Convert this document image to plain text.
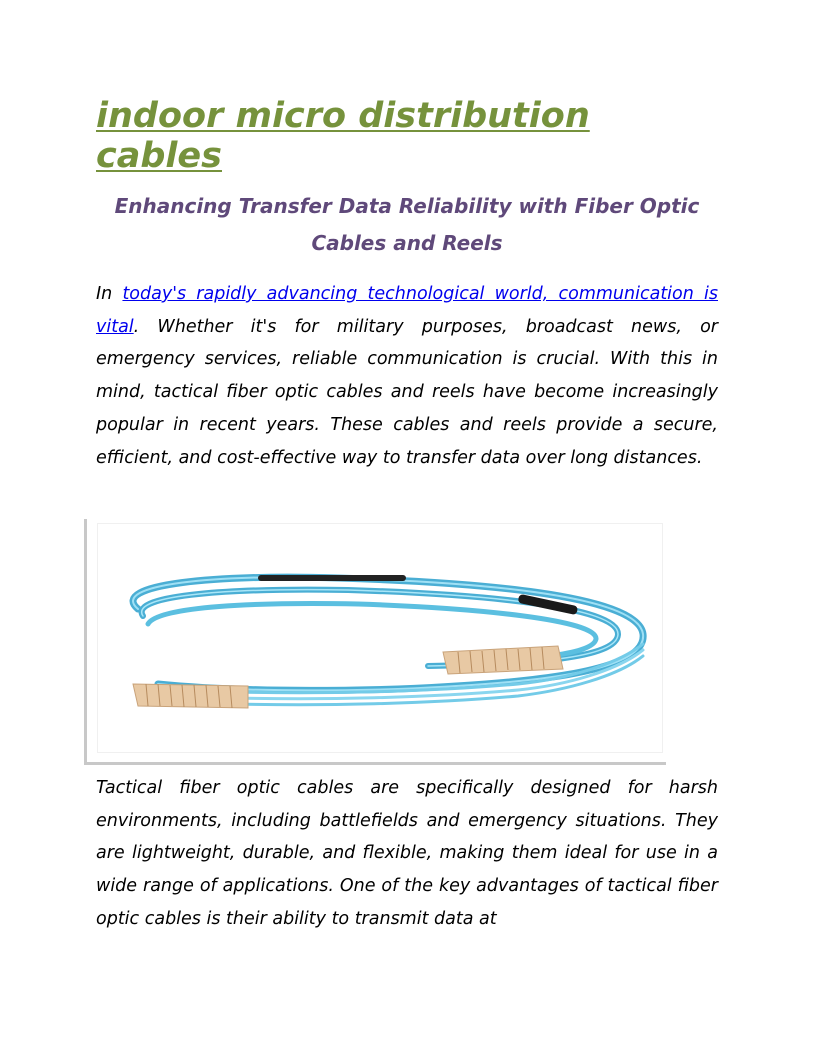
indoor micro distribution cables
Enhancing Transfer Data Reliability with Fiber Optic Cables and Reels

In today's rapidly advancing technological world, communication is vital. Whether it's for military purposes, broadcast news, or emergency services, reliable communication is crucial. With this in mind, tactical fiber optic cables and reels have become increasingly popular in recent years. These cables and reels provide a secure, efficient, and cost-effective way to transfer data over long distances.

Tactical fiber optic cables are specifically designed for harsh environments, including battlefields and emergency situations. They are lightweight, durable, and flexible, making them ideal for use in a wide range of applications. One of the key advantages of tactical fiber optic cables is their ability to transmit data at
